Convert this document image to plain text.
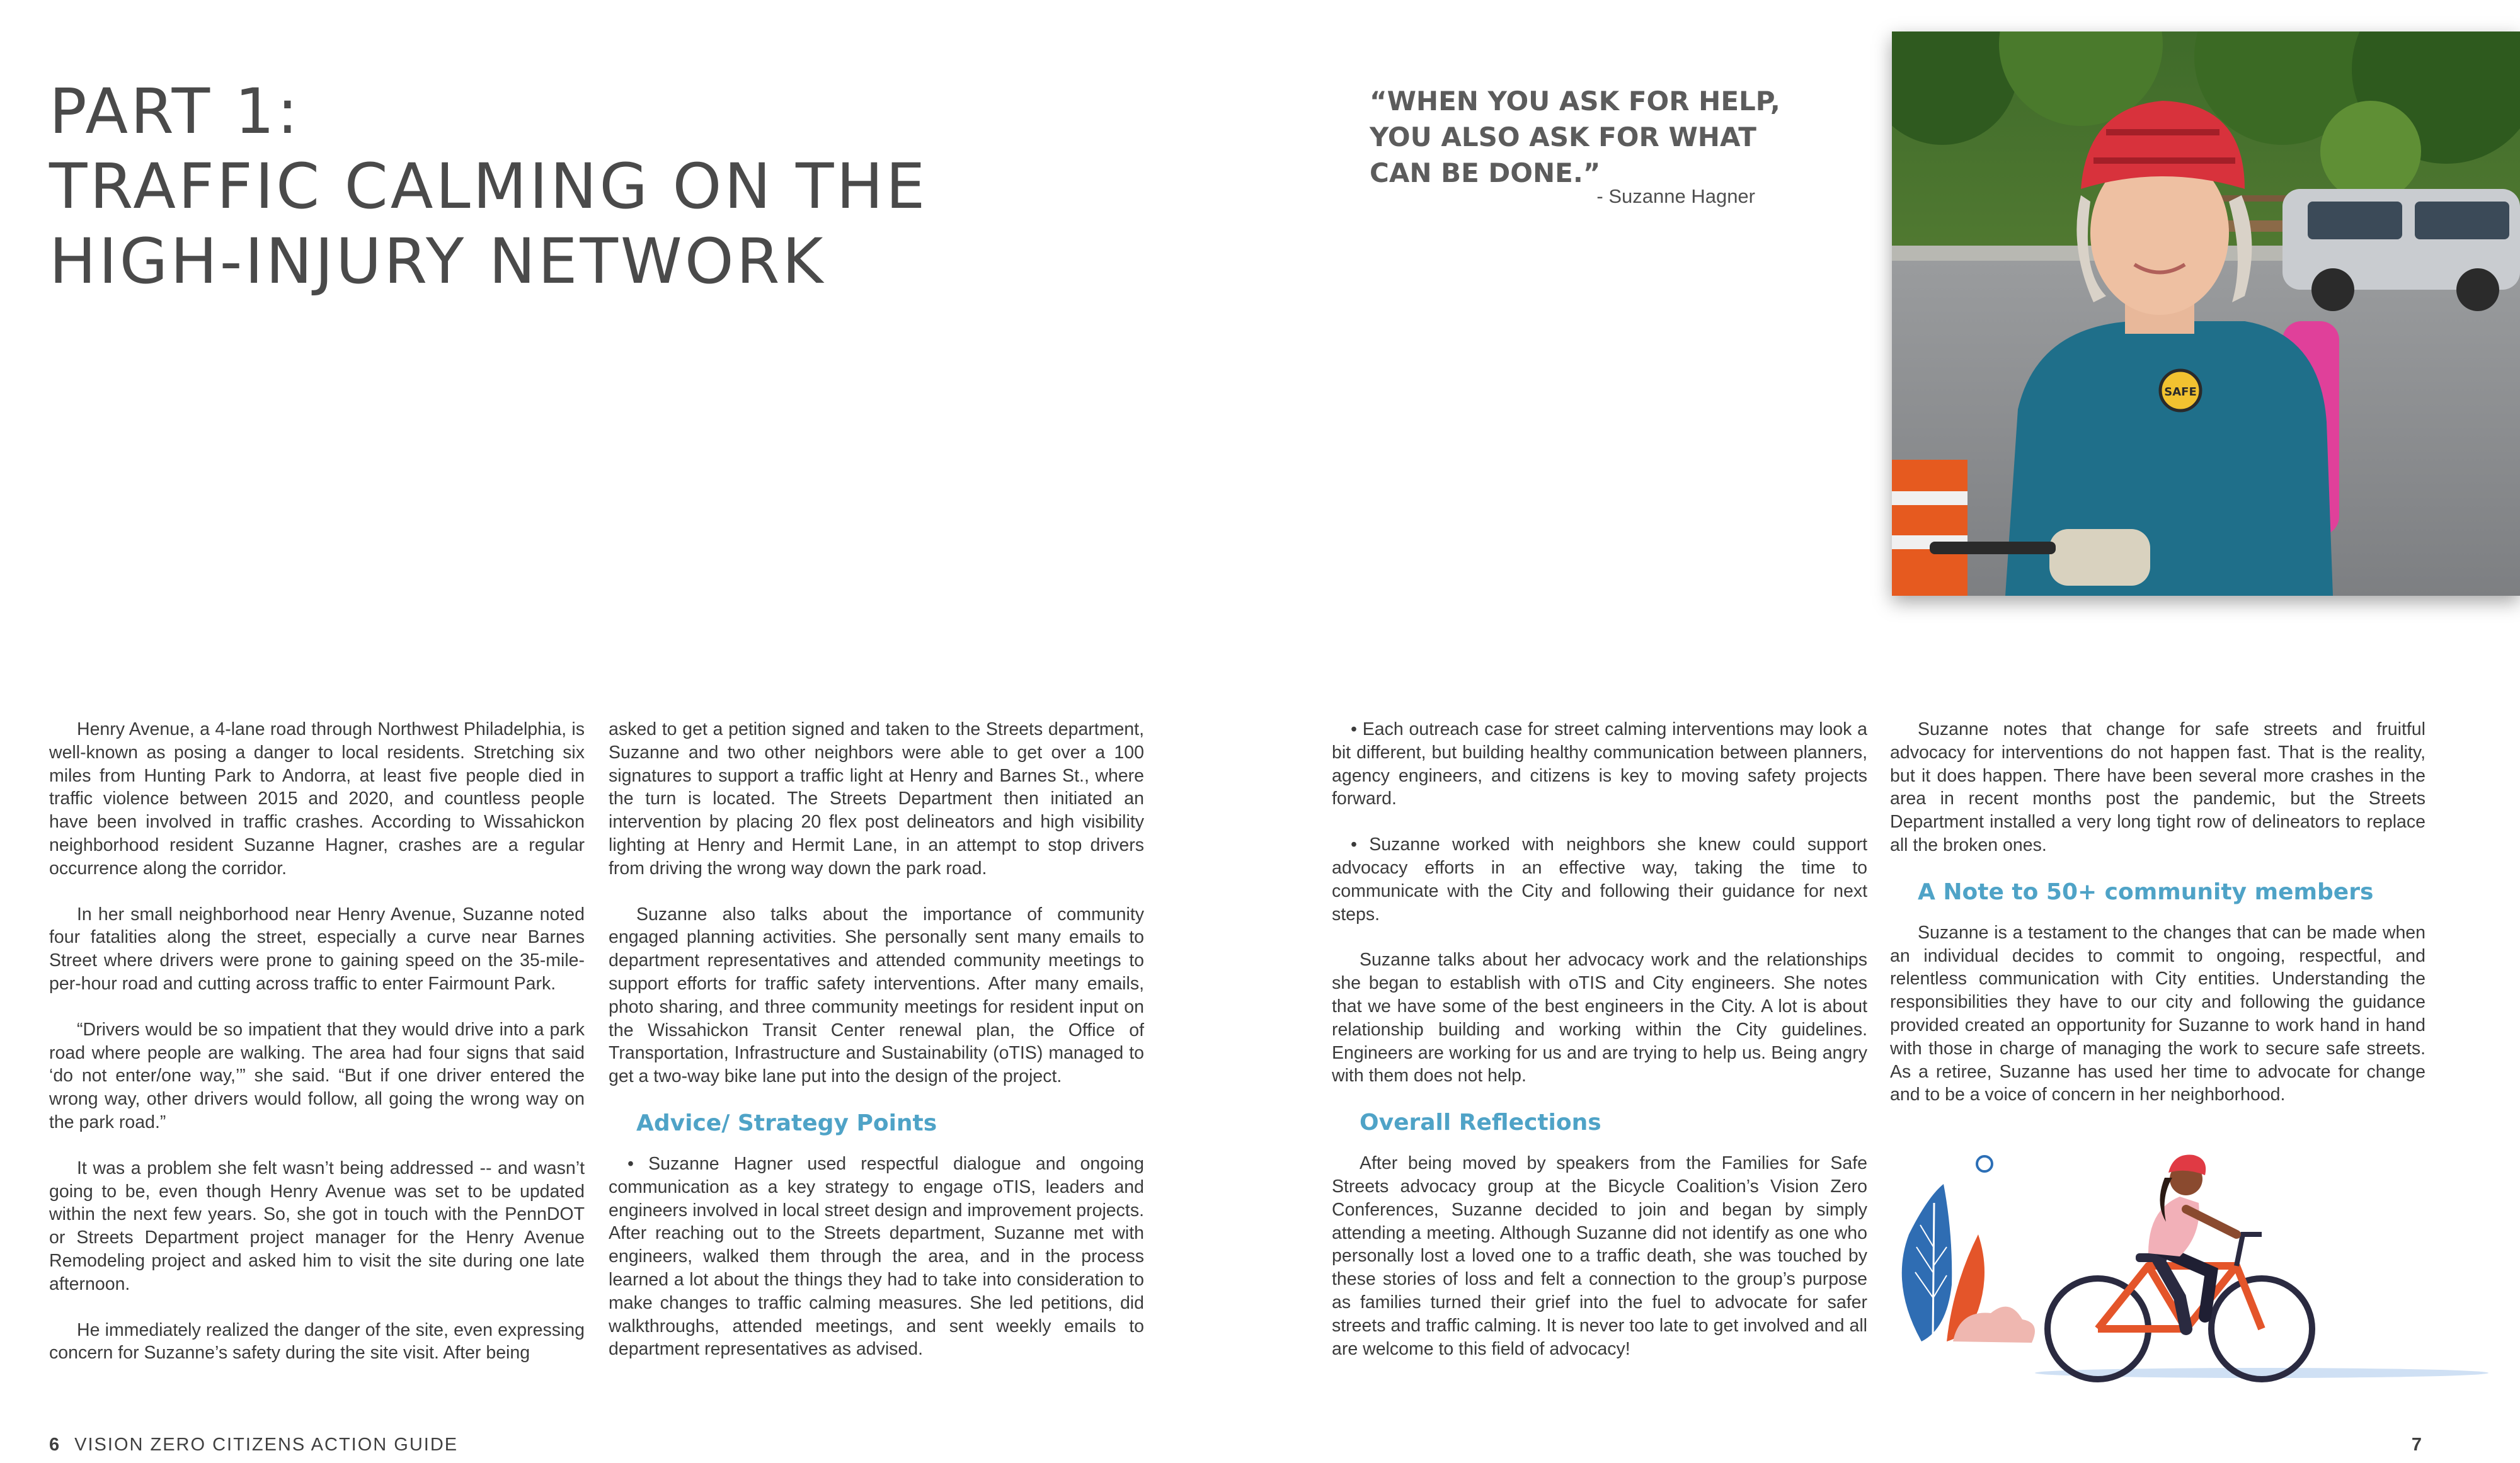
PART 1:
TRAFFIC CALMING ON THE
HIGH-INJURY NETWORK
“WHEN YOU ASK FOR HELP,
YOU ALSO ASK FOR WHAT
CAN BE DONE.”
- Suzanne Hagner
SAFE

Henry Avenue, a 4-lane road through Northwest Philadelphia, is well-known as posing a danger to local residents. Stretching six miles from Hunting Park to Andorra, at least five people died in traffic violence between 2015 and 2020, and countless people have been involved in traffic crashes. According to Wissahickon neighborhood resident Suzanne Hagner, crashes are a regular occurrence along the corridor.

In her small neighborhood near Henry Avenue, Suzanne noted four fatalities along the street, especially a curve near Barnes Street where drivers were prone to gaining speed on the 35-mile-per-hour road and cutting across traffic to enter Fairmount Park.

“Drivers would be so impatient that they would drive into a park road where people are walking. The area had four signs that said ‘do not enter/one way,’” she said. “But if one driver entered the wrong way, other drivers would follow, all going the wrong way on the park road.”

It was a problem she felt wasn’t being addressed -- and wasn’t going to be, even though Henry Avenue was set to be updated within the next few years. So, she got in touch with the PennDOT or Streets Department project manager for the Henry Avenue Remodeling project and asked him to visit the site during one late afternoon.

He immediately realized the danger of the site, even expressing concern for Suzanne’s safety during the site visit. After being

asked to get a petition signed and taken to the Streets department, Suzanne and two other neighbors were able to get over a 100 signatures to support a traffic light at Henry and Barnes St., where the turn is located. The Streets Department then initiated an intervention by placing 20 flex post delineators and high visibility lighting at Henry and Hermit Lane, in an attempt to stop drivers from driving the wrong way down the park road.

Suzanne also talks about the importance of community engaged planning activities. She personally sent many emails to department representatives and attended community meetings to support efforts for traffic safety interventions. After many emails, photo sharing, and three community meetings for resident input on the Wissahickon Transit Center renewal plan, the Office of Transportation, Infrastructure and Sustainability (oTIS) managed to get a two-way bike lane put into the design of the project.

Advice/ Strategy Points

• Suzanne Hagner used respectful dialogue and ongoing communication as a key strategy to engage oTIS, leaders and engineers involved in local street design and improvement projects. After reaching out to the Streets department, Suzanne met with engineers, walked them through the area, and in the process learned a lot about the things they had to take into consideration to make changes to traffic calming measures. She led petitions, did walkthroughs, attended meetings, and sent weekly emails to department representatives as advised.

• Each outreach case for street calming interventions may look a bit different, but building healthy communication between planners, agency engineers, and citizens is key to moving safety projects forward.

• Suzanne worked with neighbors she knew could support advocacy efforts in an effective way, taking the time to communicate with the City and following their guidance for next steps.

Suzanne talks about her advocacy work and the relationships she began to establish with oTIS and City engineers. She notes that we have some of the best engineers in the City. A lot is about relationship building and working within the City guidelines. Engineers are working for us and are trying to help us. Being angry with them does not help.

Overall Reflections

After being moved by speakers from the Families for Safe Streets advocacy group at the Bicycle Coalition’s Vision Zero Conferences, Suzanne decided to join and began by simply attending a meeting. Although Suzanne did not identify as one who personally lost a loved one to a traffic death, she was touched by these stories of loss and felt a connection to the group’s purpose as families turned their grief into the fuel to advocate for safer streets and traffic calming. It is never too late to get involved and all are welcome to this field of advocacy!

Suzanne notes that change for safe streets and fruitful advocacy for interventions do not happen fast. That is the reality, but it does happen. There have been several more crashes in the area in recent months post the pandemic, but the Streets Department installed a very long tight row of delineators to replace all the broken ones.

A Note to 50+ community members

Suzanne is a testament to the changes that can be made when an individual decides to commit to ongoing, respectful, and relentless communication with City entities. Understanding the responsibilities they have to our city and following the guidance provided created an opportunity for Suzanne to work hand in hand with those in charge of managing the work to secure safe streets. As a retiree, Suzanne has used her time to advocate for change and to be a voice of concern in her neighborhood.

6 VISION ZERO CITIZENS ACTION GUIDE	7
